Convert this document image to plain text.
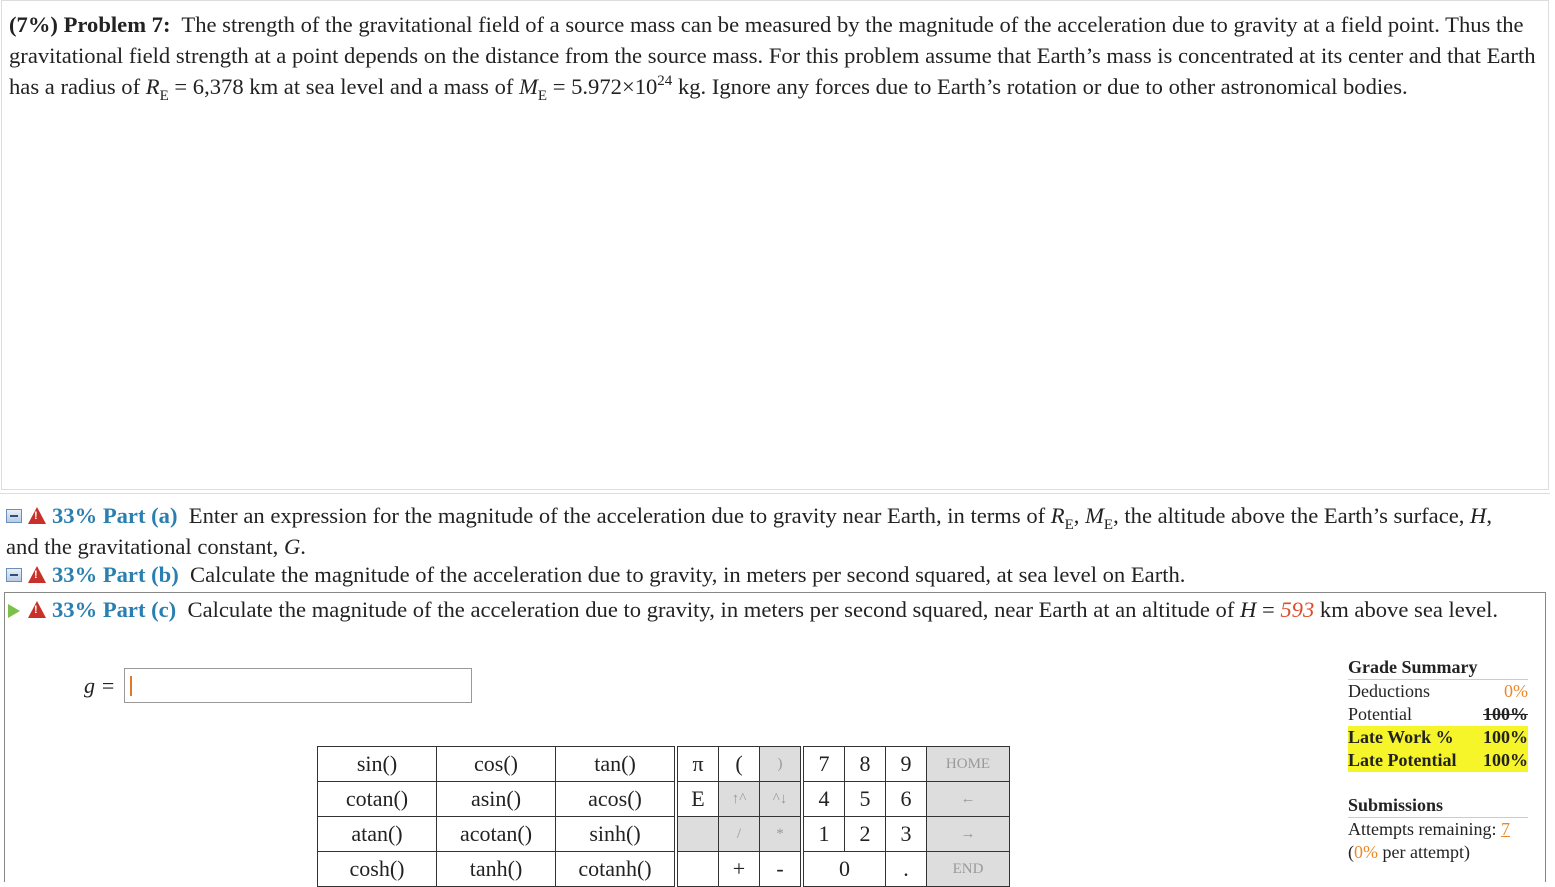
(7%) Problem 7: The strength of the gravitational field of a source mass can be measured by the magnitude of the acceleration due to gravity at a field point. Thus the gravitational field strength at a point depends on the distance from the source mass. For this problem assume that Earth’s mass is concentrated at its center and that Earth has a radius of $R_E = 6,378$ km at sea level and a mass of $M_E = 5.972\times 10^{24}$ kg. Ignore any forces due to Earth’s rotation or due to other astronomical bodies.
!33% Part (a) Enter an expression for the magnitude of the acceleration due to gravity near Earth, in terms of $R_E$, $M_E$, the altitude above the Earth’s surface, H, and the gravitational constant, G.
!33% Part (b) Calculate the magnitude of the acceleration due to gravity, in meters per second squared, at sea level on Earth.
!33% Part (c) Calculate the magnitude of the acceleration due to gravity, in meters per second squared, near Earth at an altitude of H = 593 km above sea level.
g =
sin()	cos()	tan()		π	(	)		7	8	9	HOME
cotan()	asin()	acos()		E	↑^	^↓		4	5	6	←
atan()	acotan()	sinh()			/	*		1	2	3	→
cosh()	tanh()	cotanh()			+	-		0		.	END
Grade Summary
Deductions	0%
Potential	100%
Late Work % 100%
Late Potential 100%
Submissions
Attempts remaining: 7
(0% per attempt)
